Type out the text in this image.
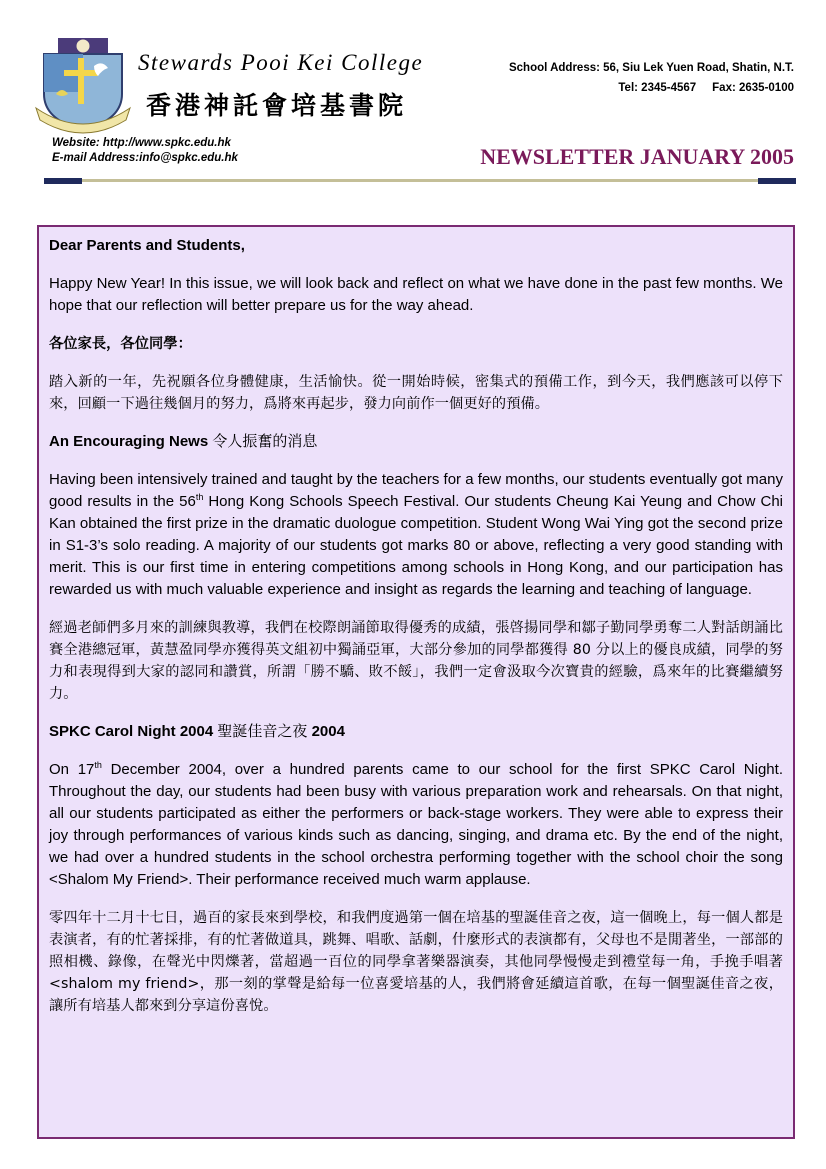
Stewards Pooi Kei College
香港神託會培基書院
School Address: 56, Siu Lek Yuen Road, Shatin, N.T.
Tel: 2345-4567     Fax: 2635-0100
Website: http://www.spkc.edu.hk
E-mail Address:info@spkc.edu.hk	NEWSLETTER JANUARY 2005

Dear Parents and Students,

Happy New Year! In this issue, we will look back and reflect on what we have done in the past few months. We hope that our reflection will better prepare us for the way ahead.

各位家長，各位同學：

踏入新的一年，先祝願各位身體健康，生活愉快。從一開始時候，密集式的預備工作，到今天，我們應該可以停下來，回顧一下過往幾個月的努力，爲將來再起步，發力向前作一個更好的預備。

An Encouraging News 令人振奮的消息

Having been intensively trained and taught by the teachers for a few months, our students eventually got many good results in the 56th Hong Kong Schools Speech Festival. Our students Cheung Kai Yeung and Chow Chi Kan obtained the first prize in the dramatic duologue competition. Student Wong Wai Ying got the second prize in S1-3’s solo reading. A majority of our students got marks 80 or above, reflecting a very good standing with merit. This is our first time in entering competitions among schools in Hong Kong, and our participation has rewarded us with much valuable experience and insight as regards the learning and teaching of language.

經過老師們多月來的訓練與教導，我們在校際朗誦節取得優秀的成績，張啓揚同學和鄒子勤同學勇奪二人對話朗誦比賽全港總冠軍，黃慧盈同學亦獲得英文組初中獨誦亞軍，大部分參加的同學都獲得 80 分以上的優良成績，同學的努力和表現得到大家的認同和讚賞，所謂「勝不驕、敗不餒」，我們一定會汲取今次寶貴的經驗，爲來年的比賽繼續努力。

SPKC Carol Night 2004 聖誕佳音之夜 2004

On 17th December 2004, over a hundred parents came to our school for the first SPKC Carol Night. Throughout the day, our students had been busy with various preparation work and rehearsals. On that night, all our students participated as either the performers or back-stage workers. They were able to express their joy through performances of various kinds such as dancing, singing, and drama etc. By the end of the night, we had over a hundred students in the school orchestra performing together with the school choir the song <Shalom My Friend>. Their performance received much warm applause.

零四年十二月十七日，過百的家長來到學校，和我們度過第一個在培基的聖誕佳音之夜，這一個晚上，每一個人都是表演者，有的忙著採排，有的忙著做道具，跳舞、唱歌、話劇，什麼形式的表演都有，父母也不是閒著坐，一部部的照相機、錄像，在聲光中閃爍著，當超過一百位的同學拿著樂器演奏，其他同學慢慢走到禮堂每一角，手挽手唱著<shalom my friend>，那一刻的掌聲是給每一位喜愛培基的人，我們將會延續這首歌，在每一個聖誕佳音之夜，讓所有培基人都來到分享這份喜悅。
